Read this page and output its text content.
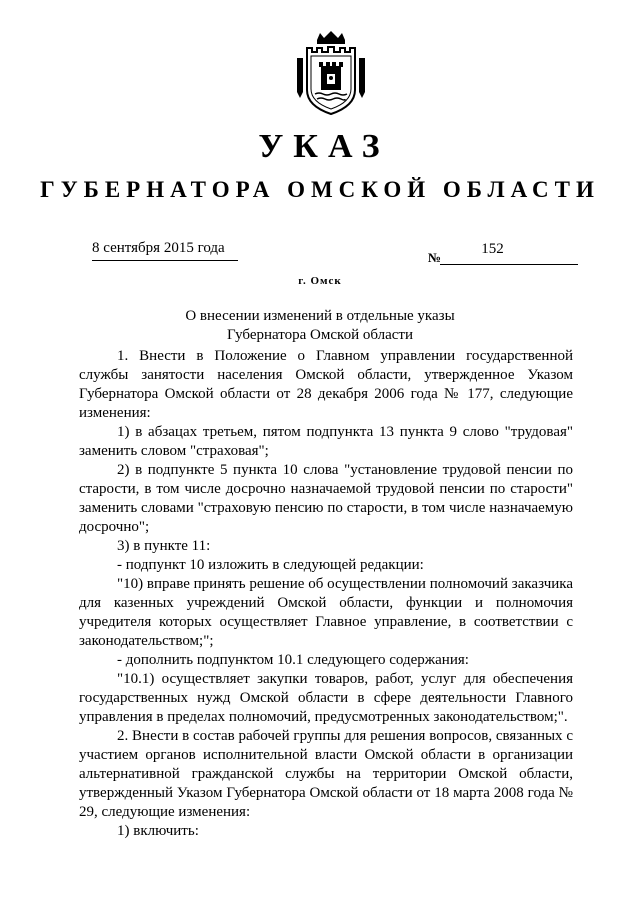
УКАЗ
ГУБЕРНАТОРА ОМСКОЙ ОБЛАСТИ
8 сентября 2015 года
№
152
г. Омск
О внесении изменений в отдельные указы
Губернатора Омской области

1. Внести в Положение о Главном управлении государственной службы занятости населения Омской области, утвержденное Указом Губернатора Омской области от 28 декабря 2006 года № 177, следующие изменения:

1) в абзацах третьем, пятом подпункта 13 пункта 9 слово "трудовая" заменить словом "страховая";

2) в подпункте 5 пункта 10 слова "установление трудовой пенсии по старости, в том числе досрочно назначаемой трудовой пенсии по старости" заменить словами "страховую пенсию по старости, в том числе назначаемую досрочно";

3) в пункте 11:

- подпункт 10 изложить в следующей редакции:

"10) вправе принять решение об осуществлении полномочий заказчика для казенных учреждений Омской области, функции и полномочия учредителя которых осуществляет Главное управление, в соответствии с законодательством;";

- дополнить подпунктом 10.1 следующего содержания:

"10.1) осуществляет закупки товаров, работ, услуг для обеспечения государственных нужд Омской области в сфере деятельности Главного управления в пределах полномочий, предусмотренных законодательством;".

2. Внести в состав рабочей группы для решения вопросов, связанных с участием органов исполнительной власти Омской области в организации альтернативной гражданской службы на территории Омской области, утвержденный Указом Губернатора Омской области от 18 марта 2008 года № 29, следующие изменения:

1) включить:
